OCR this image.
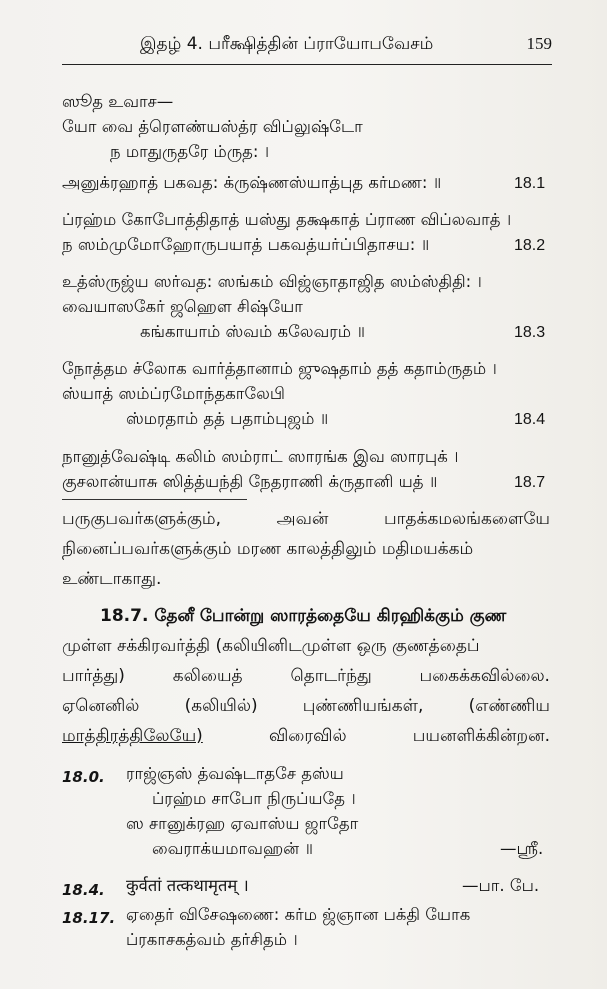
இதழ் 4. பரீக்ஷித்தின் ப்ராயோபவேசம்	159
ஸூத உவாச—
யோ வை த்ரௌண்யஸ்த்ர விப்லுஷ்டோ
ந மாதுருதரே ம்ருத: ।
அனுக்ரஹாத் பகவத: க்ருஷ்ணஸ்யாத்புத கர்மண: ॥	18.1
ப்ரஹ்ம கோபோத்திதாத் யஸ்து தக்ஷகாத் ப்ராண விப்லவாத் ।
ந ஸம்முமோஹோருபயாத் பகவத்யர்ப்பிதாசய: ॥	18.2
உத்ஸ்ருஜ்ய ஸர்வத: ஸங்கம் விஜ்ஞாதாஜித ஸம்ஸ்திதி: ।
வையாஸகேர் ஜஹௌ சிஷ்யோ
கங்காயாம் ஸ்வம் கலேவரம் ॥	18.3
நோத்தம ச்லோக வார்த்தானாம் ஜுஷதாம் தத் கதாம்ருதம் ।
ஸ்யாத் ஸம்ப்ரமோந்தகாலேபி
ஸ்மரதாம் தத் பதாம்புஜம் ॥	18.4
நானுத்வேஷ்டி கலிம் ஸம்ராட் ஸாரங்க இவ ஸாரபுக் ।
குசலான்யாசு ஸித்த்யந்தி நேதராணி க்ருதானி யத் ॥	18.7
பருகுபவர்களுக்கும்,	அவன்	பாதக்கமலங்களையே
நினைப்பவர்களுக்கும் மரண காலத்திலும் மதிமயக்கம்
உண்டாகாது.
18.7. தேனீ போன்று ஸாரத்தையே கிரஹிக்கும் குண
முள்ள சக்கிரவர்த்தி (கலியினிடமுள்ள ஒரு குணத்தைப்
பார்த்து)	கலியைத்	தொடர்ந்து	பகைக்கவில்லை.
ஏனெனில்	(கலியில்)	புண்ணியங்கள்,	(எண்ணிய
மாத்திரத்திலேயே)	விரைவில்	பயனளிக்கின்றன.
18.0. ராஜ்ஞஸ் த்வஷ்டாதசே தஸ்ய
ப்ரஹ்ம சாபோ நிருப்யதே ।
ஸ சானுக்ரஹ ஏவாஸ்ய ஜாதோ
வைராக்யமாவஹன் ॥	—ஸ்ரீ.
18.4. कुर्वतां तत्कथामृतम् ।	—பா. பே.
18.17. ஏதைர் விசேஷணை: கர்ம ஜ்ஞான பக்தி யோக
ப்ரகாசகத்வம் தர்சிதம் ।
